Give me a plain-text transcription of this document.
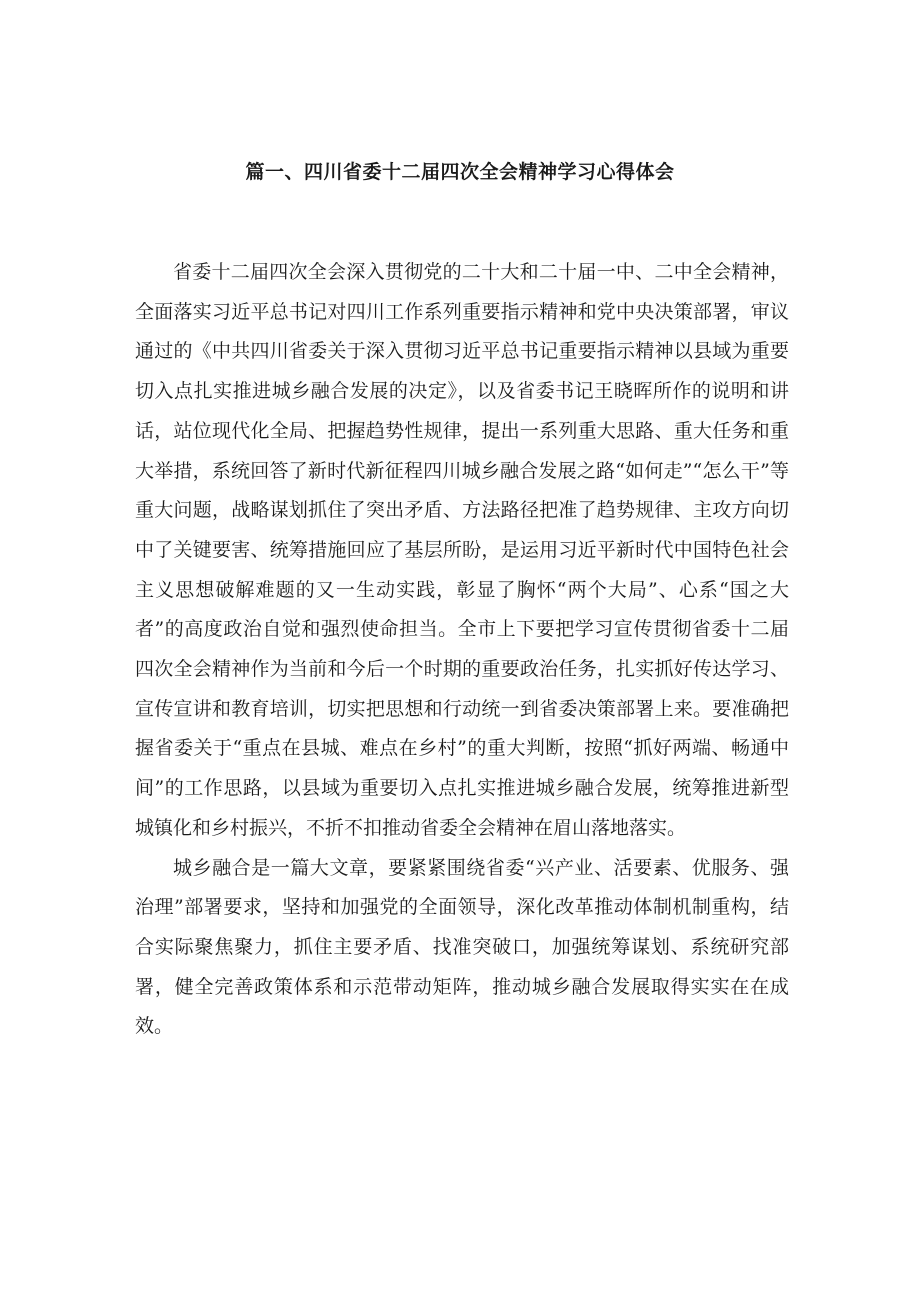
篇一、四川省委十二届四次全会精神学习心得体会

省委十二届四次全会深入贯彻党的二十大和二十届一中、二中全会精神，全面落实习近平总书记对四川工作系列重要指示精神和党中央决策部署，审议通过的《中共四川省委关于深入贯彻习近平总书记重要指示精神以县域为重要切入点扎实推进城乡融合发展的决定》，以及省委书记王晓晖所作的说明和讲话，站位现代化全局、把握趋势性规律，提出一系列重大思路、重大任务和重大举措，系统回答了新时代新征程四川城乡融合发展之路“如何走”“怎么干”等重大问题，战略谋划抓住了突出矛盾、方法路径把准了趋势规律、主攻方向切中了关键要害、统筹措施回应了基层所盼，是运用习近平新时代中国特色社会主义思想破解难题的又一生动实践，彰显了胸怀“两个大局”、心系“国之大者”的高度政治自觉和强烈使命担当。全市上下要把学习宣传贯彻省委十二届四次全会精神作为当前和今后一个时期的重要政治任务，扎实抓好传达学习、宣传宣讲和教育培训，切实把思想和行动统一到省委决策部署上来。要准确把握省委关于“重点在县城、难点在乡村”的重大判断，按照“抓好两端、畅通中间”的工作思路，以县域为重要切入点扎实推进城乡融合发展，统筹推进新型城镇化和乡村振兴，不折不扣推动省委全会精神在眉山落地落实。

城乡融合是一篇大文章，要紧紧围绕省委“兴产业、活要素、优服务、强治理”部署要求，坚持和加强党的全面领导，深化改革推动体制机制重构，结合实际聚焦聚力，抓住主要矛盾、找准突破口，加强统筹谋划、系统研究部署，健全完善政策体系和示范带动矩阵，推动城乡融合发展取得实实在在成效。
